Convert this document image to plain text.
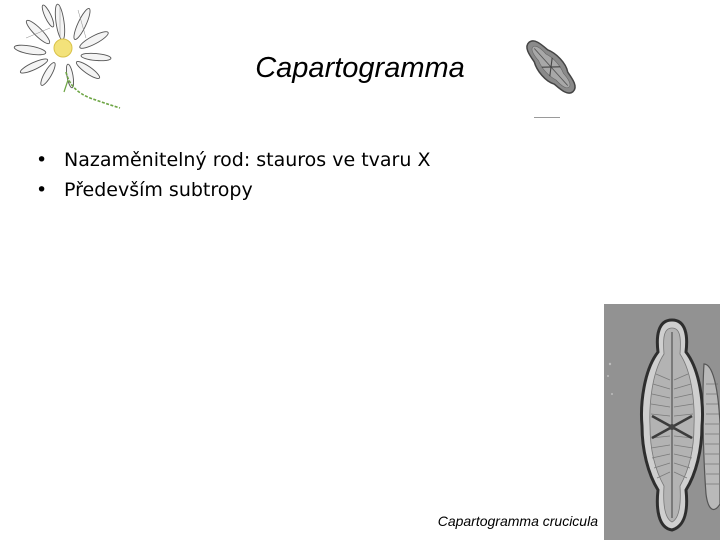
Capartogramma
• Nazaměnitelný rod: stauros ve tvaru X
• Především subtropy
Capartogramma crucicula
